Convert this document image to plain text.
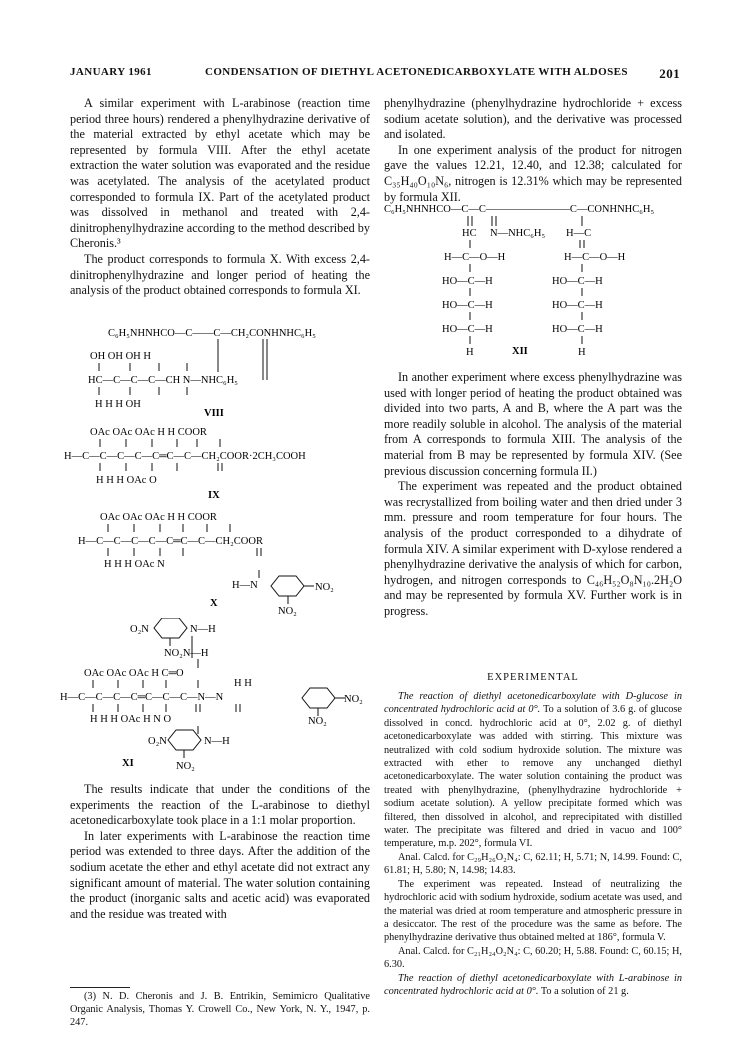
JANUARY 1961	CONDENSATION OF DIETHYL ACETONEDICARBOXYLATE WITH ALDOSES 201

A similar experiment with L-arabinose (reaction time period three hours) rendered a phenylhydrazine derivative of the material extracted by ethyl acetate which may be represented by formula VIII. After the ethyl acetate extraction the water solution was evaporated and the residue was acetylated. The analysis of the acetylated product corresponded to formula IX. Part of the acetylated product was dissolved in methanol and treated with 2,4-dinitrophenylhydrazine according to the method described by Cheronis.³

The product corresponds to formula X. With excess 2,4-dinitrophenylhydrazine and longer period of heating the analysis of the product obtained corresponds to formula XI.

C₆H₅NHNHCO—C——C—CH₂CONHNHC₆H₅
OH OH OH H
HC—C—C—C—CH N—NHC₆H₅
H H H OH
VIII
OAc OAc OAc H H COOR
H—C—C—C—C—C═C—C—CH₂COOR·2CH₃COOH
H H H OAc O
IX
OAc OAc OAc H H COOR
H—C—C—C—C—C═C—C—CH₂COOR
H H H OAc N
H—N	NO₂
NO₂
X
O₂N	N—H
NO₂N—H
OAc OAc OAc H C═O
H H
H—C—C—C—C═C—C—C—N—N	NO₂
NO₂
H H H OAc H N O
O₂N	N—H
NO₂
XI

The results indicate that under the conditions of the experiments the reaction of the L-arabinose to diethyl acetonedicarboxylate took place in a 1:1 molar proportion.

In later experiments with L-arabinose the reaction time period was extended to three days. After the addition of the sodium acetate the ether and ethyl acetate did not extract any significant amount of material. The water solution containing the product (inorganic salts and acetic acid) was evaporated and the residue was treated with

(3) N. D. Cheronis and J. B. Entrikin, Semimicro Qualitative Organic Analysis, Thomas Y. Crowell Co., New York, N. Y., 1947, p. 247.

phenylhydrazine (phenylhydrazine hydrochloride + excess sodium acetate solution), and the derivative was processed and isolated.

In one experiment analysis of the product for nitrogen gave the values 12.21, 12.40, and 12.38; calculated for C₃₅H₄₀O₁₀N₆, nitrogen is 12.31% which may be represented by formula XII.

C₆H₅NHNHCO—C—C————————C—CONHNHC₆H₅
HC N—NHC₆H₅ H—C
H—C—O—H	H—C—O—H
HO—C—H	HO—C—H
HO—C—H	HO—C—H
HO—C—H	HO—C—H
H	H
XII

In another experiment where excess phenylhydrazine was used with longer period of heating the product obtained was divided into two parts, A and B, where the A part was the more readily soluble in alcohol. The analysis of the material from A corresponds to formula XIII. The analysis of the material from B may be represented by formula XIV. (See previous discussion concerning formula II.)

The experiment was repeated and the product obtained was recrystallized from boiling water and then dried under 3 mm. pressure and room temperature for four hours. The analysis of the product corresponded to a dihydrate of formula XIV. A similar experiment with D-xylose rendered a phenylhydrazine derivative the analysis of which for carbon, hydrogen, and nitrogen corresponds to C₄₆H₅₂O₈N₁₀.2H₂O and may be represented by formula XV. Further work is in progress.

EXPERIMENTAL

The reaction of diethyl acetonedicarboxylate with D-glucose in concentrated hydrochloric acid at 0°. To a solution of 3.6 g. of glucose dissolved in concd. hydrochloric acid at 0°, 2.02 g. of diethyl acetonedicarboxylate was added with stirring. This mixture was neutralized with cold sodium hydroxide solution. The mixture was extracted with ether to remove any unchanged diethyl acetonedicarboxylate. The water solution containing the product was treated with phenylhydrazine, (phenylhydrazine hydrochloride + sodium acetate solution). A yellow precipitate formed which was filtered, then dissolved in alcohol, and reprecipitated with distilled water. The precipitate was filtered and dried in vacuo and 100° temperature, m.p. 202°, formula VI.

Anal. Calcd. for C₂₉H₂₆O₂N₄: C, 62.11; H, 5.71; N, 14.99. Found: C, 61.81; H, 5.80; N, 14.98; 14.83.

The experiment was repeated. Instead of neutralizing the hydrochloric acid with sodium hydroxide, sodium acetate was used, and the material was dried at room temperature and atmospheric pressure in a desiccator. The rest of the procedure was the same as before. The phenylhydrazine derivative thus obtained melted at 186°, formula V.

Anal. Calcd. for C₂₁H₂₄O₂N₄: C, 60.20; H, 5.88. Found: C, 60.15; H, 6.30.

The reaction of diethyl acetonedicarboxylate with L-arabinose in concentrated hydrochloric acid at 0°. To a solution of 21 g.
